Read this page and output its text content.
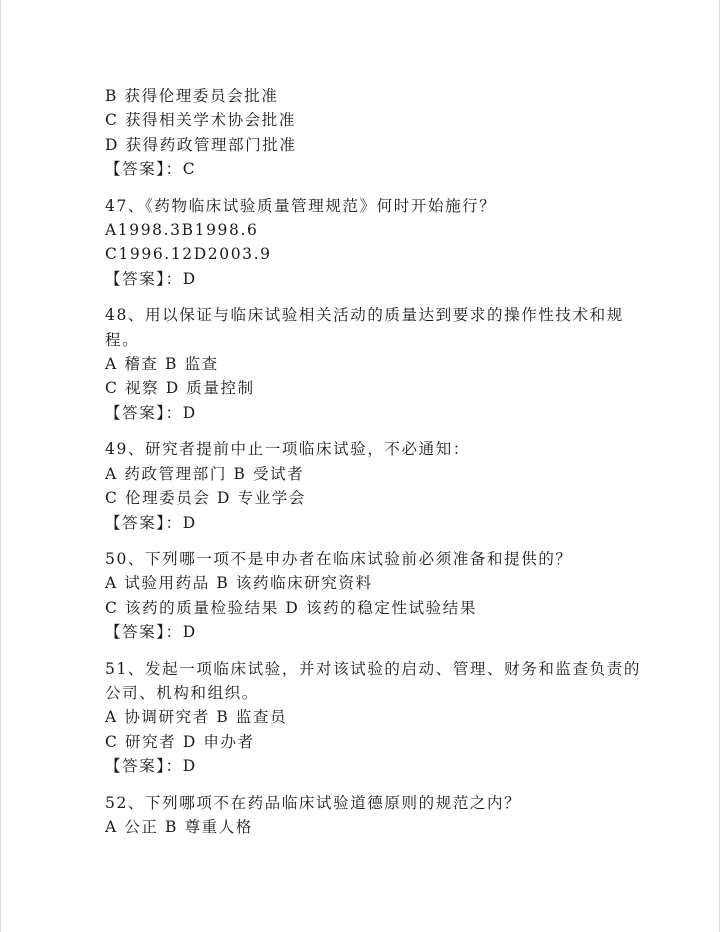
B 获得伦理委员会批准
C 获得相关学术协会批准
D 获得药政管理部门批准
【答案】：C
47、《药物临床试验质量管理规范》何时开始施行？
A1998.3B1998.6
C1996.12D2003.9
【答案】：D
48、用以保证与临床试验相关活动的质量达到要求的操作性技术和规
程。
A 稽查 B 监查
C 视察 D 质量控制
【答案】：D
49、研究者提前中止一项临床试验，不必通知：
A 药政管理部门 B 受试者
C 伦理委员会 D 专业学会
【答案】：D
50、下列哪一项不是申办者在临床试验前必须准备和提供的？
A 试验用药品 B 该药临床研究资料
C 该药的质量检验结果 D 该药的稳定性试验结果
【答案】：D
51、发起一项临床试验，并对该试验的启动、管理、财务和监查负责的
公司、机构和组织。
A 协调研究者 B 监查员
C 研究者 D 申办者
【答案】：D
52、下列哪项不在药品临床试验道德原则的规范之内？
A 公正 B 尊重人格
